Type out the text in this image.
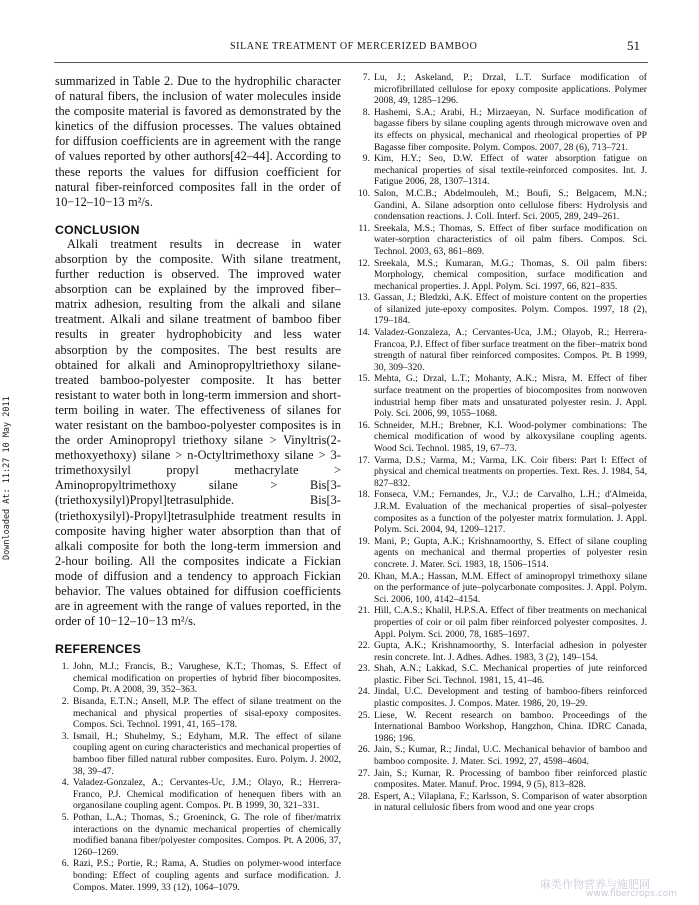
SILANE TREATMENT OF MERCERIZED BAMBOO	51
Downloaded At: 11:27 10 May 2011

summarized in Table 2. Due to the hydrophilic character of natural fibers, the inclusion of water molecules inside the composite material is favored as demonstrated by the kinetics of the diffusion processes. The values obtained for diffusion coefficients are in agreement with the range of values reported by other authors[42–44]. According to these reports the values for diffusion coefficient for natural fiber-reinforced composites fall in the order of 10−12–10−13 m²/s.

CONCLUSION

Alkali treatment results in decrease in water absorption by the composite. With silane treatment, further reduction is observed. The improved water absorption can be explained by the improved fiber–matrix adhesion, resulting from the alkali and silane treatment. Alkali and silane treatment of bamboo fiber results in greater hydrophobicity and less water absorption by the composites. The best results are obtained for alkali and Aminopropyltriethoxy silane-treated bamboo-polyester composite. It has better resistant to water both in long-term immersion and short-term boiling in water. The effectiveness of silanes for water resistant on the bamboo-polyester composites is in the order Aminopropyl triethoxy silane > Vinyltris(2-methoxyethoxy) silane > n-Octyltrimethoxy silane > 3-trimethoxysilyl propyl methacrylate > Aminopropyltrimethoxy silane > Bis[3-(triethoxysilyl)Propyl]tetrasulphide. Bis[3-(triethoxysilyl)-Propyl]tetrasulphide treatment results in composite having higher water absorption than that of alkali composite for both the long-term immersion and 2-hour boiling. All the composites indicate a Fickian mode of diffusion and a tendency to approach Fickian behavior. The values obtained for diffusion coefficients are in agreement with the range of values reported, in the order of 10−12–10−13 m²/s.

REFERENCES
1. John, M.J.; Francis, B.; Varughese, K.T.; Thomas, S. Effect of chemical modification on properties of hybrid fiber biocomposites. Comp. Pt. A 2008, 39, 352–363.
2. Bisanda, E.T.N.; Ansell, M.P. The effect of silane treatment on the mechanical and physical properties of sisal-epoxy composites. Compos. Sci. Technol. 1991, 41, 165–178.
3. Ismail, H.; Shuhelmy, S.; Edyham, M.R. The effect of silane coupling agent on curing characteristics and mechanical properties of bamboo fiber filled natural rubber composites. Euro. Polym. J. 2002, 38, 39–47.
4. Valadez-Gonzalez, A.; Cervantes-Uc, J.M.; Olayo, R.; Herrera-Franco, P.J. Chemical modification of henequen fibers with an organosilane coupling agent. Compos. Pt. B 1999, 30, 321–331.
5. Pothan, L.A.; Thomas, S.; Groeninck, G. The role of fiber/matrix interactions on the dynamic mechanical properties of chemically modified banana fiber/polyester composites. Compos. Pt. A 2006, 37, 1260–1269.
6. Razi, P.S.; Portie, R.; Rama, A. Studies on polymer-wood interface bonding: Effect of coupling agents and surface modification. J. Compos. Mater. 1999, 33 (12), 1064–1079.
7. Lu, J.; Askeland, P.; Drzal, L.T. Surface modification of microfibrillated cellulose for epoxy composite applications. Polymer 2008, 49, 1285–1296.
8. Hashemi, S.A.; Arabi, H.; Mirzaeyan, N. Surface modification of bagasse fibers by silane coupling agents through microwave oven and its effects on physical, mechanical and rheological properties of PP Bagasse fiber composite. Polym. Compos. 2007, 28 (6), 713–721.
9. Kim, H.Y.; Seo, D.W. Effect of water absorption fatigue on mechanical properties of sisal textile-reinforced composites. Int. J. Fatigue 2006, 28, 1307–1314.
10. Salon, M.C.B.; Abdelmouleh, M.; Boufi, S.; Belgacem, M.N.; Gandini, A. Silane adsorption onto cellulose fibers: Hydrolysis and condensation reactions. J. Coll. Interf. Sci. 2005, 289, 249–261.
11. Sreekala, M.S.; Thomas, S. Effect of fiber surface modification on water-sorption characteristics of oil palm fibers. Compos. Sci. Technol. 2003, 63, 861–869.
12. Sreekala, M.S.; Kumaran, M.G.; Thomas, S. Oil palm fibers: Morphology, chemical composition, surface modification and mechanical properties. J. Appl. Polym. Sci. 1997, 66, 821–835.
13. Gassan, J.; Bledzki, A.K. Effect of moisture content on the properties of silanized jute-epoxy composites. Polym. Compos. 1997, 18 (2), 179–184.
14. Valadez-Gonzaleza, A.; Cervantes-Uca, J.M.; Olayob, R.; Herrera-Francoa, P.J. Effect of fiber surface treatment on the fiber–matrix bond strength of natural fiber reinforced composites. Compos. Pt. B 1999, 30, 309–320.
15. Mehta, G.; Drzal, L.T.; Mohanty, A.K.; Misra, M. Effect of fiber surface treatment on the properties of biocomposites from nonwoven industrial hemp fiber mats and unsaturated polyester resin. J. Appl. Poly. Sci. 2006, 99, 1055–1068.
16. Schneider, M.H.; Brebner, K.I. Wood-polymer combinations: The chemical modification of wood by alkoxysilane coupling agents. Wood Sci. Technol. 1985, 19, 67–73.
17. Varma, D.S.; Varma, M.; Varma, I.K. Coir fibers: Part I: Effect of physical and chemical treatments on properties. Text. Res. J. 1984, 54, 827–832.
18. Fonseca, V.M.; Fernandes, Jr., V.J.; de Carvalho, L.H.; d'Almeida, J.R.M. Evaluation of the mechanical properties of sisal–polyester composites as a function of the polyester matrix formulation. J. Appl. Polym. Sci. 2004, 94, 1209–1217.
19. Mani, P.; Gupta, A.K.; Krishnamoorthy, S. Effect of silane coupling agents on mechanical and thermal properties of polyester resin concrete. J. Mater. Sci. 1983, 18, 1506–1514.
20. Khan, M.A.; Hassan, M.M. Effect of aminopropyl trimethoxy silane on the performance of jute–polycarbonate composites. J. Appl. Polym. Sci. 2006, 100, 4142–4154.
21. Hill, C.A.S.; Khalil, H.P.S.A. Effect of fiber treatments on mechanical properties of coir or oil palm fiber reinforced polyester composites. J. Appl. Polym. Sci. 2000, 78, 1685–1697.
22. Gupta, A.K.; Krishnamoorthy, S. Interfacial adhesion in polyester resin concrete. Int. J. Adhes. Adhes. 1983, 3 (2), 149–154.
23. Shah, A.N.; Lakkad, S.C. Mechanical properties of jute reinforced plastic. Fiber Sci. Technol. 1981, 15, 41–46.
24. Jindal, U.C. Development and testing of bamboo-fibers reinforced plastic composites. J. Compos. Mater. 1986, 20, 19–29.
25. Liese, W. Recent research on bamboo. Proceedings of the International Bamboo Workshop, Hangzhon, China. IDRC Canada, 1986; 196.
26. Jain, S.; Kumar, R.; Jindal, U.C. Mechanical behavior of bamboo and bamboo composite. J. Mater. Sci. 1992, 27, 4598–4604.
27. Jain, S.; Kumar, R. Processing of bamboo fiber reinforced plastic composites. Mater. Manuf. Proc. 1994, 9 (5), 813–828.
28. Espert, A.; Vilaplana, F.; Karlsson, S. Comparison of water absorption in natural cellulosic fibers from wood and one year crops
麻类作物营养与施肥网
www.fibercrops.com
